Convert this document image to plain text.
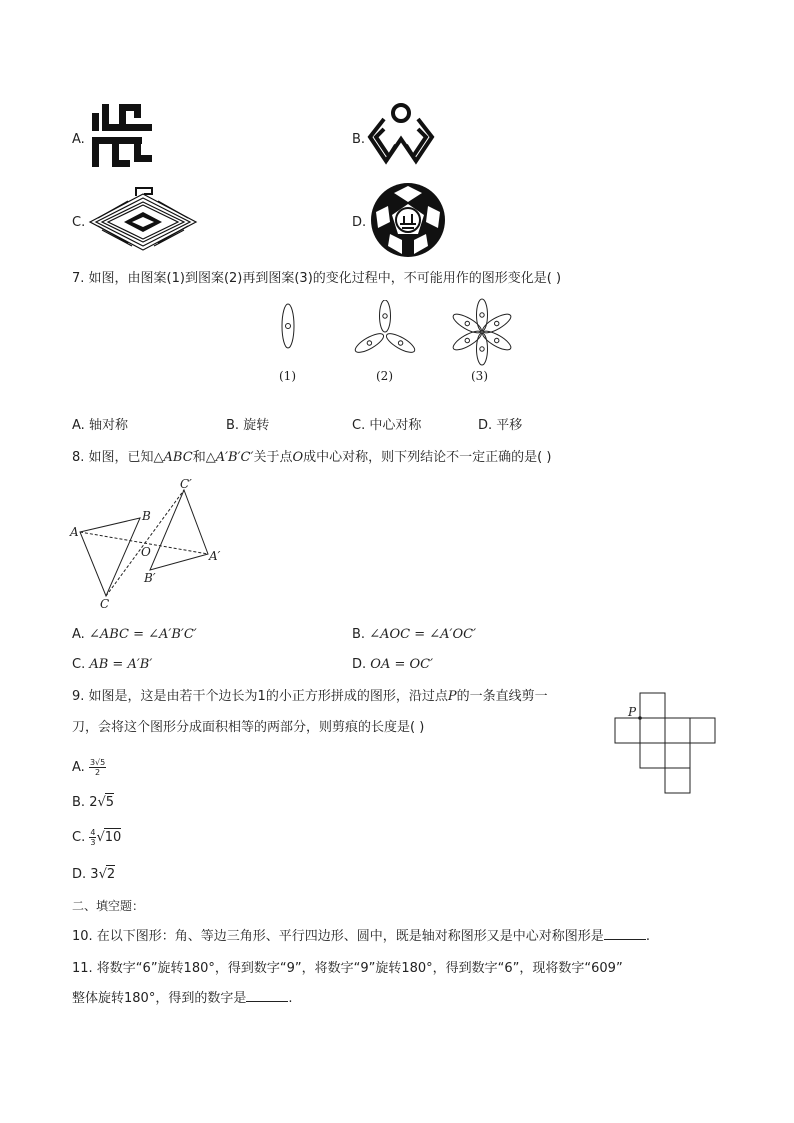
A.	B.
C.	D.
7. 如图，由图案(1)到图案(2)再到图案(3)的变化过程中，不可能用作的图形变化是( )
(1)	(2)	(3)
A. 轴对称	B. 旋转	C. 中心对称	D. 平移
8. 如图，已知△ABC和△A′B′C′关于点O成中心对称，则下列结论不一定正确的是( )
A
B
C
O	A′
B′
C′
A. ∠ABC = ∠A′B′C′	B. ∠AOC = ∠A′OC′
C. AB = A′B′	D. OA = OC′
9. 如图是，这是由若干个边长为1的小正方形拼成的图形，沿过点P的一条直线剪一
刀，会将这个图形分成面积相等的两部分，则剪痕的长度是( )
P
A. $\frac{3√5}{2}$
B. 2√5
C. $\frac{4}{3} √10$
D. 3√2
二、填空题：
10. 在以下图形：角、等边三角形、平行四边形、圆中，既是轴对称图形又是中心对称图形是	.
11. 将数字“6”旋转180°，得到数字“9”，将数字“9”旋转180°，得到数字“6”，现将数字“609”
整体旋转180°，得到的数字是	.
